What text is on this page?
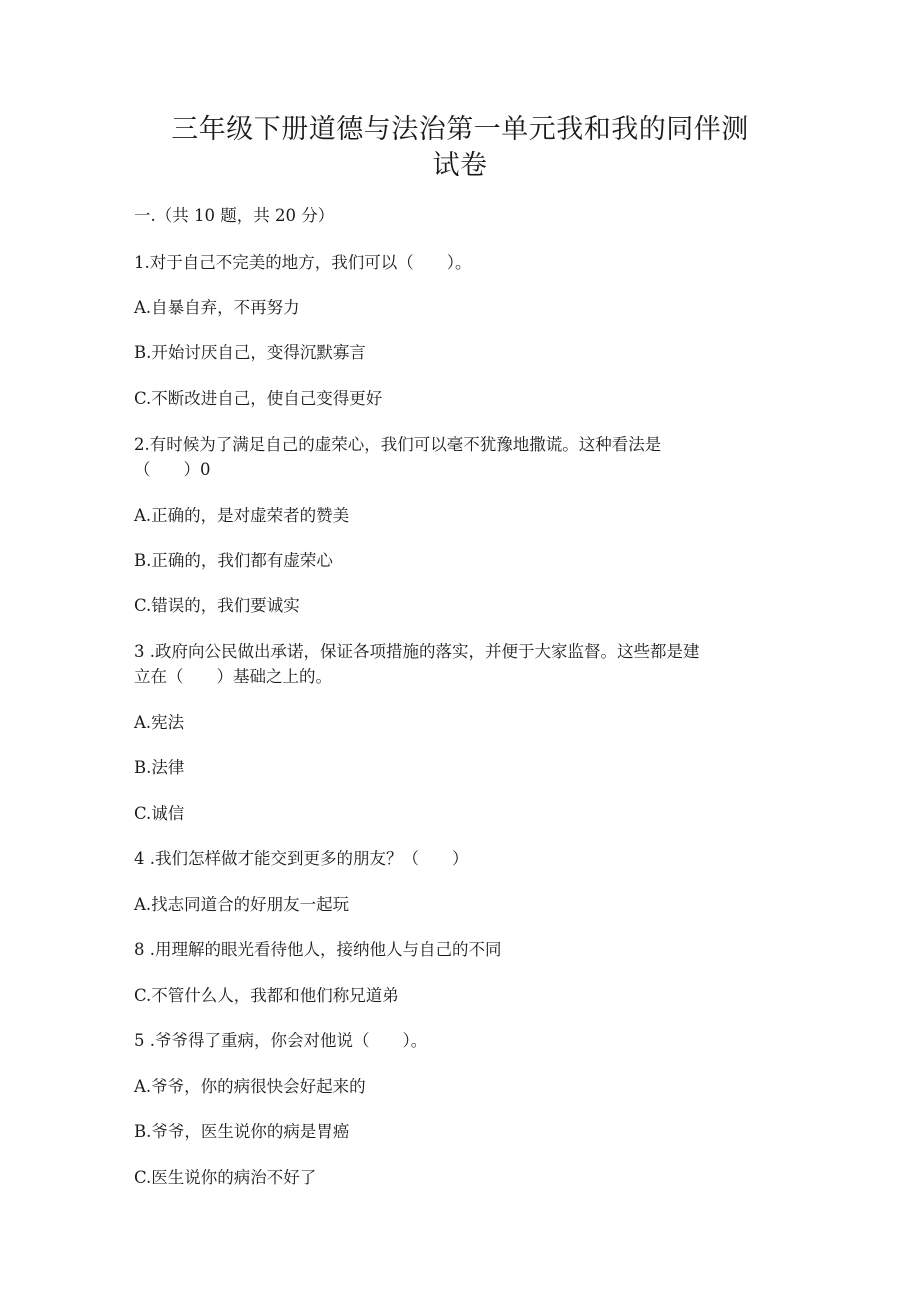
三年级下册道德与法治第一单元我和我的同伴测
试卷
一.（共 10 题，共 20 分）
1.对于自己不完美的地方，我们可以（　　）。
A.自暴自弃，不再努力
B.开始讨厌自己，变得沉默寡言
C.不断改进自己，使自己变得更好
2.有时候为了满足自己的虚荣心，我们可以毫不犹豫地撒谎。这种看法是
（　　）0
A.正确的，是对虚荣者的赞美
B.正确的，我们都有虚荣心
C.错误的，我们要诚实
3 .政府向公民做出承诺，保证各项措施的落实，并便于大家监督。这些都是建
立在（　　）基础之上的。
A.宪法
B.法律
C.诚信
4 .我们怎样做才能交到更多的朋友？（　　）
A.找志同道合的好朋友一起玩
8 .用理解的眼光看待他人，接纳他人与自己的不同
C.不管什么人，我都和他们称兄道弟
5 .爷爷得了重病，你会对他说（　　）。
A.爷爷，你的病很快会好起来的
B.爷爷，医生说你的病是胃癌
C.医生说你的病治不好了
